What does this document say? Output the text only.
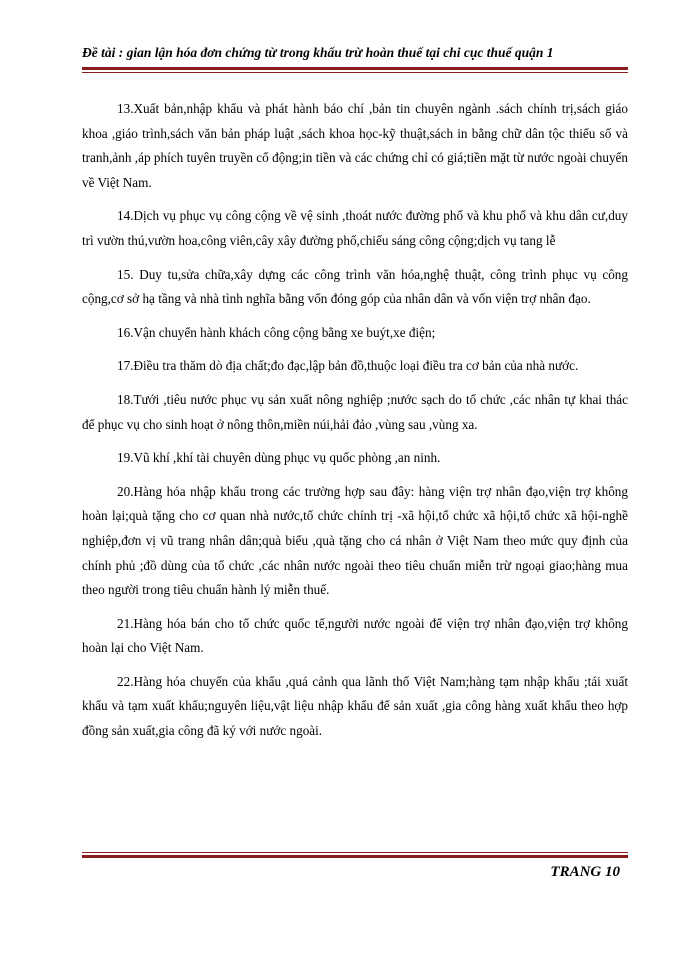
Đề tài : gian lận hóa đơn chứng từ trong khấu trừ hoàn thuế tại chi cục thuế quận 1

13.Xuất bản,nhập khẩu và phát hành báo chí ,bản tin chuyên ngành .sách chính trị,sách giáo khoa ,giáo trình,sách văn bản pháp luật ,sách khoa học-kỹ thuật,sách in bằng chữ dân tộc thiểu số và tranh,ảnh ,áp phích tuyên truyền cổ động;in tiền và các chứng chỉ có giá;tiền mặt từ nước ngoài chuyển về Việt Nam.

14.Dịch vụ phục vụ công cộng về vệ sinh ,thoát nước đường phố và khu phố và khu dân cư,duy trì vườn thú,vườn hoa,công viên,cây xây đường phố,chiếu sáng công cộng;dịch vụ tang lễ

15. Duy tu,sửa chữa,xây dựng các công trình văn hóa,nghệ thuật, công trình phục vụ công cộng,cơ sở hạ tầng và nhà tình nghĩa bằng vốn đóng góp của nhân dân và vốn viện trợ nhân đạo.

16.Vận chuyển hành khách công cộng bằng xe buýt,xe điện;

17.Điều tra thăm dò địa chất;đo đạc,lập bản đồ,thuộc loại điều tra cơ bản của nhà nước.

18.Tưới ,tiêu nước phục vụ sản xuất nông nghiệp ;nước sạch do tổ chức ,các nhân tự khai thác để phục vụ cho sinh hoạt ở nông thôn,miền núi,hải đảo ,vùng sau ,vùng xa.

19.Vũ khí ,khí tài chuyên dùng phục vụ quốc phòng ,an ninh.

20.Hàng hóa nhập khẩu trong các trường hợp sau đây: hàng viện trợ nhân đạo,viện trợ không hoàn lại;quà tặng cho cơ quan nhà nước,tổ chức chính trị -xã hội,tổ chức xã hội,tổ chức xã hội-nghề nghiệp,đơn vị vũ trang nhân dân;quà biếu ,quà tặng cho cá nhân ở Việt Nam theo mức quy định của chính phủ ;đồ dùng của tổ chức ,các nhân nước ngoài theo tiêu chuẩn miễn trừ ngoại giao;hàng mua theo người trong tiêu chuẩn hành lý miễn thuế.

21.Hàng hóa bán cho tổ chức quốc tế,người nước ngoài để viện trợ nhân đạo,viện trợ không hoàn lại cho Việt Nam.

22.Hàng hóa chuyển của khẩu ,quá cảnh qua lãnh thổ Việt Nam;hàng tạm nhập khẩu ;tái xuất khẩu và tạm xuất khẩu;nguyên liệu,vật liệu nhập khẩu để sản xuất ,gia công hàng xuất khẩu theo hợp đồng sản xuất,gia công đã ký với nước ngoài.

TRANG 10
